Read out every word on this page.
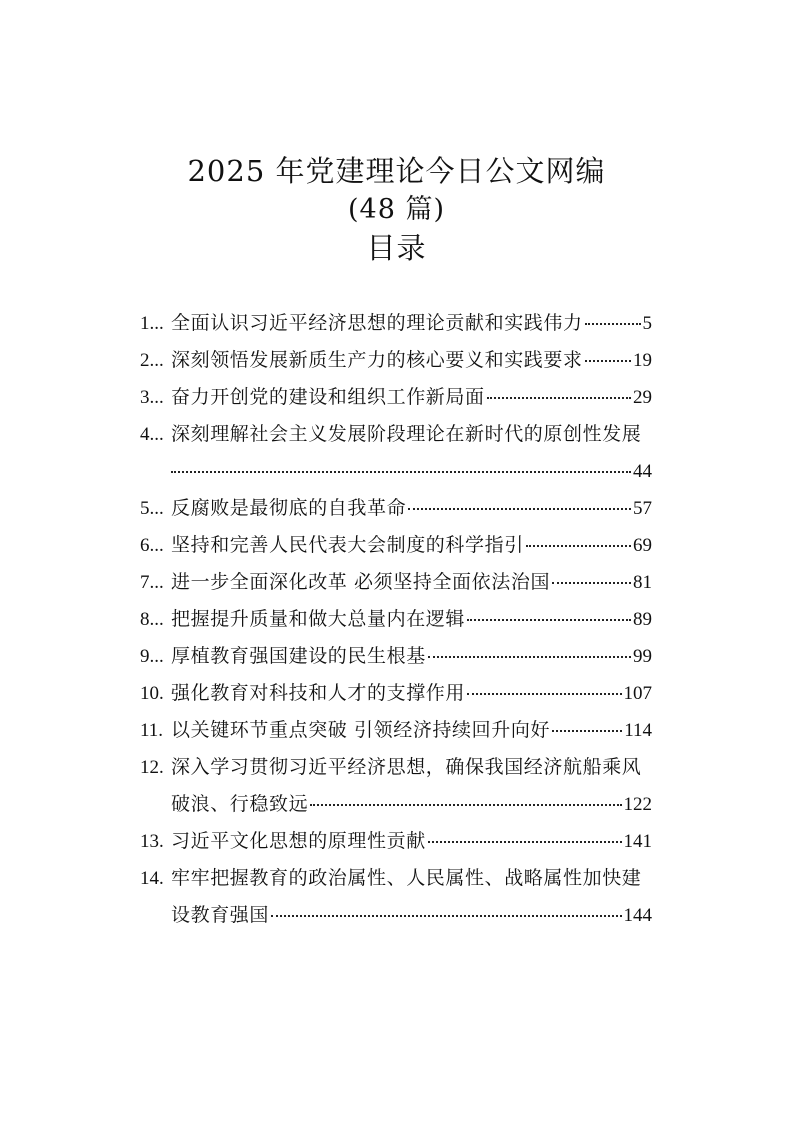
2025 年党建理论今日公文网编
(48 篇)
目录
1... 全面认识习近平经济思想的理论贡献和实践伟力	5
2... 深刻领悟发展新质生产力的核心要义和实践要求	19
3... 奋力开创党的建设和组织工作新局面	29
4... 深刻理解社会主义发展阶段理论在新时代的原创性发展
44
5... 反腐败是最彻底的自我革命	57
6... 坚持和完善人民代表大会制度的科学指引	69
7... 进一步全面深化改革 必须坚持全面依法治国	81
8... 把握提升质量和做大总量内在逻辑	89
9... 厚植教育强国建设的民生根基	99
10. 强化教育对科技和人才的支撑作用	107
11. 以关键环节重点突破 引领经济持续回升向好	114
12. 深入学习贯彻习近平经济思想，确保我国经济航船乘风
破浪、行稳致远	122
13. 习近平文化思想的原理性贡献	141
14. 牢牢把握教育的政治属性、人民属性、战略属性加快建
设教育强国	144
